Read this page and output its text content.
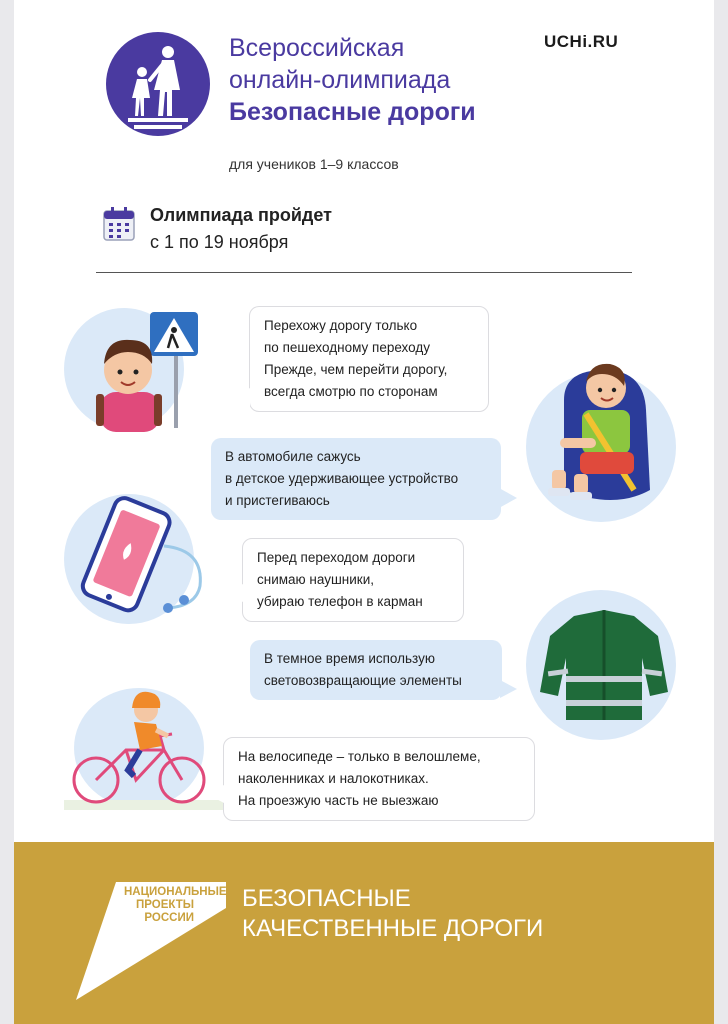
Всероссийская
онлайн-олимпиада
Безопасные дороги
UCHi.RU
для учеников 1–9 классов
Олимпиада пройдет
с 1 по 19 ноября
Перехожу дорогу только
по пешеходному переходу
Прежде, чем перейти дорогу,
всегда смотрю по сторонам
В автомобиле сажусь
в детское удерживающее устройство
и пристегиваюсь
Перед переходом дороги
снимаю наушники,
убираю телефон в карман
В темное время использую
световозвращающие элементы
На велосипеде – только в велошлеме,
наколенниках и налокотниках.
На проезжую часть не выезжаю
НАЦИОНАЛЬНЫЕ
ПРОЕКТЫ
РОССИИ
БЕЗОПАСНЫЕ
КАЧЕСТВЕННЫЕ ДОРОГИ
